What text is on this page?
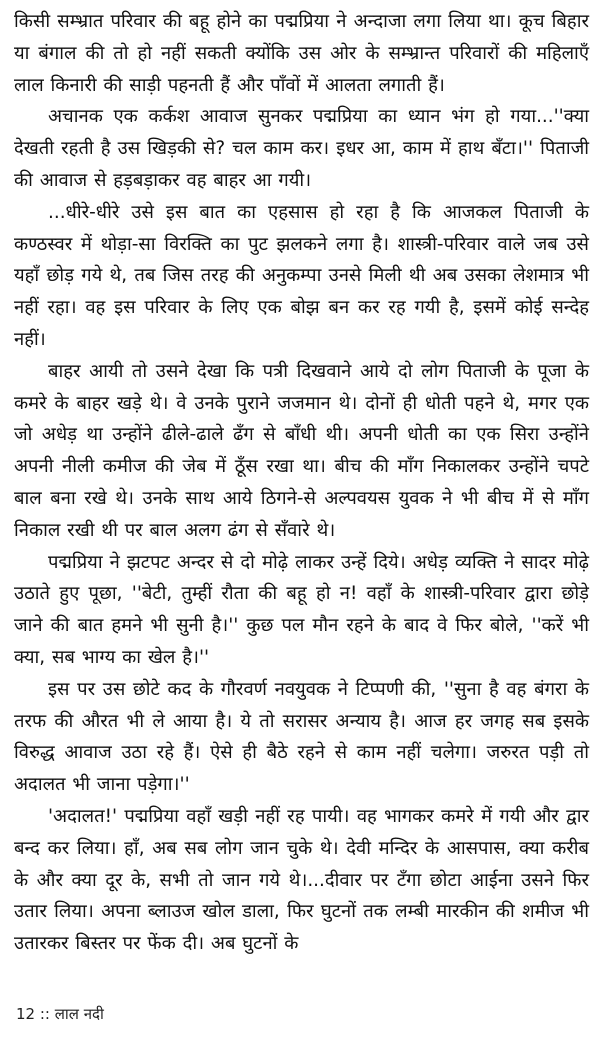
किसी सम्भ्रात परिवार की बहू होने का पद्मप्रिया ने अन्दाजा लगा लिया था। कूच बिहार या बंगाल की तो हो नहीं सकती क्योंकि उस ओर के सम्भ्रान्त परिवारों की महिलाएँ लाल किनारी की साड़ी पहनती हैं और पाँवों में आलता लगाती हैं।

अचानक एक कर्कश आवाज सुनकर पद्मप्रिया का ध्यान भंग हो गया...''क्या देखती रहती है उस खिड़की से? चल काम कर। इधर आ, काम में हाथ बँटा।'' पिताजी की आवाज से हड़बड़ाकर वह बाहर आ गयी।

...धीरे-धीरे उसे इस बात का एहसास हो रहा है कि आजकल पिताजी के कण्ठस्वर में थोड़ा-सा विरक्ति का पुट झलकने लगा है। शास्त्री-परिवार वाले जब उसे यहाँ छोड़ गये थे, तब जिस तरह की अनुकम्पा उनसे मिली थी अब उसका लेशमात्र भी नहीं रहा। वह इस परिवार के लिए एक बोझ बन कर रह गयी है, इसमें कोई सन्देह नहीं।

बाहर आयी तो उसने देखा कि पत्री दिखवाने आये दो लोग पिताजी के पूजा के कमरे के बाहर खड़े थे। वे उनके पुराने जजमान थे। दोनों ही धोती पहने थे, मगर एक जो अधेड़ था उन्होंने ढीले-ढाले ढँग से बाँधी थी। अपनी धोती का एक सिरा उन्होंने अपनी नीली कमीज की जेब में ठूँस रखा था। बीच की माँग निकालकर उन्होंने चपटे बाल बना रखे थे। उनके साथ आये ठिगने-से अल्पवयस युवक ने भी बीच में से माँग निकाल रखी थी पर बाल अलग ढंग से सँवारे थे।

पद्मप्रिया ने झटपट अन्दर से दो मोढ़े लाकर उन्हें दिये। अधेड़ व्यक्ति ने सादर मोढ़े उठाते हुए पूछा, ''बेटी, तुम्हीं रौता की बहू हो न! वहाँ के शास्त्री-परिवार द्वारा छोड़े जाने की बात हमने भी सुनी है।'' कुछ पल मौन रहने के बाद वे फिर बोले, ''करें भी क्या, सब भाग्य का खेल है।''

इस पर उस छोटे कद के गौरवर्ण नवयुवक ने टिप्पणी की, ''सुना है वह बंगरा के तरफ की औरत भी ले आया है। ये तो सरासर अन्याय है। आज हर जगह सब इसके विरुद्ध आवाज उठा रहे हैं। ऐसे ही बैठे रहने से काम नहीं चलेगा। जरुरत पड़ी तो अदालत भी जाना पड़ेगा।''

'अदालत!' पद्मप्रिया वहाँ खड़ी नहीं रह पायी। वह भागकर कमरे में गयी और द्वार बन्द कर लिया। हाँ, अब सब लोग जान चुके थे। देवी मन्दिर के आसपास, क्या करीब के और क्या दूर के, सभी तो जान गये थे।...दीवार पर टँगा छोटा आईना उसने फिर उतार लिया। अपना ब्लाउज खोल डाला, फिर घुटनों तक लम्बी मारकीन की शमीज भी उतारकर बिस्तर पर फेंक दी। अब घुटनों के

12 :: लाल नदी
